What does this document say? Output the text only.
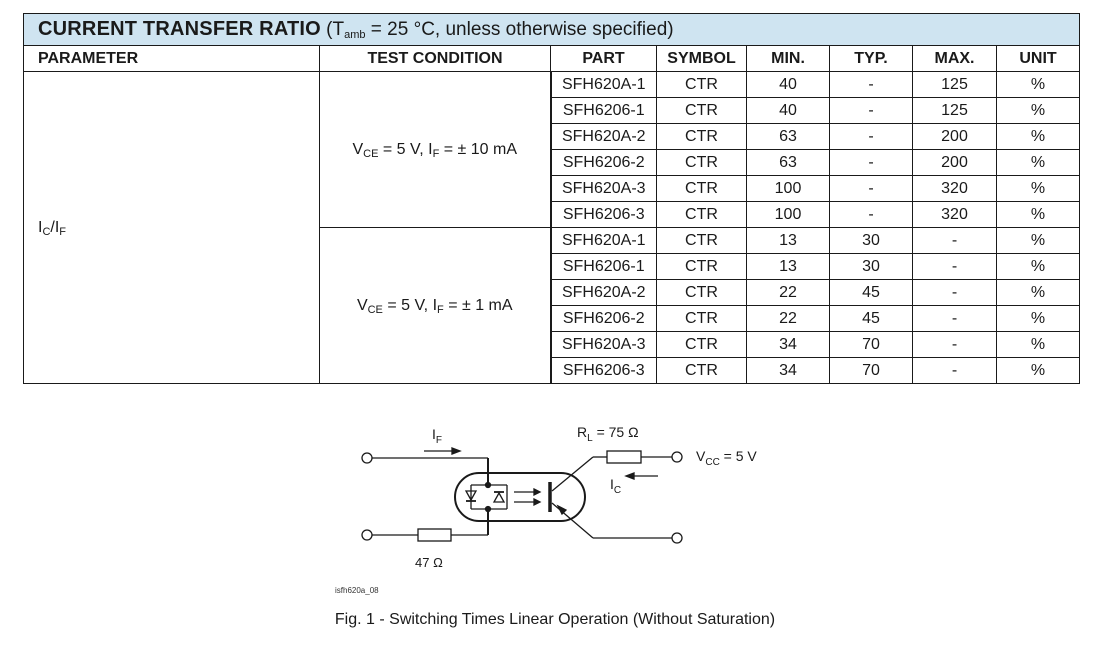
CURRENT TRANSFER RATIO ($T_{amb} = 25$ °C, unless otherwise specified)							
PARAMETER	TEST CONDITION	PART	SYMBOL	MIN.	TYP.	MAX.	UNIT
$I_C/I_F$	$V_{CE} = 5$ V, $I_F$ = ± 10 mA	SFH620A-1	CTR	40	-	125	%
		SFH6206-1	CTR	40	-	125	%
		SFH620A-2	CTR	63	-	200	%
		SFH6206-2	CTR	63	-	200	%
		SFH620A-3	CTR	100	-	320	%
		SFH6206-3	CTR	100	-	320	%
	$V_{CE} = 5$ V, $I_F$ = ± 1 mA	SFH620A-1	CTR	13	30	-	%
		SFH6206-1	CTR	13	30	-	%
		SFH620A-2	CTR	22	45	-	%
		SFH6206-2	CTR	22	45	-	%
		SFH620A-3	CTR	34	70	-	%
		SFH6206-3	CTR	34	70	-	%
$I_F$
$R_L = 75$ Ω
$V_{CC} = 5$ V
$I_C$
47 Ω
isfh620a_08
Fig. 1 - Switching Times Linear Operation (Without Saturation)
